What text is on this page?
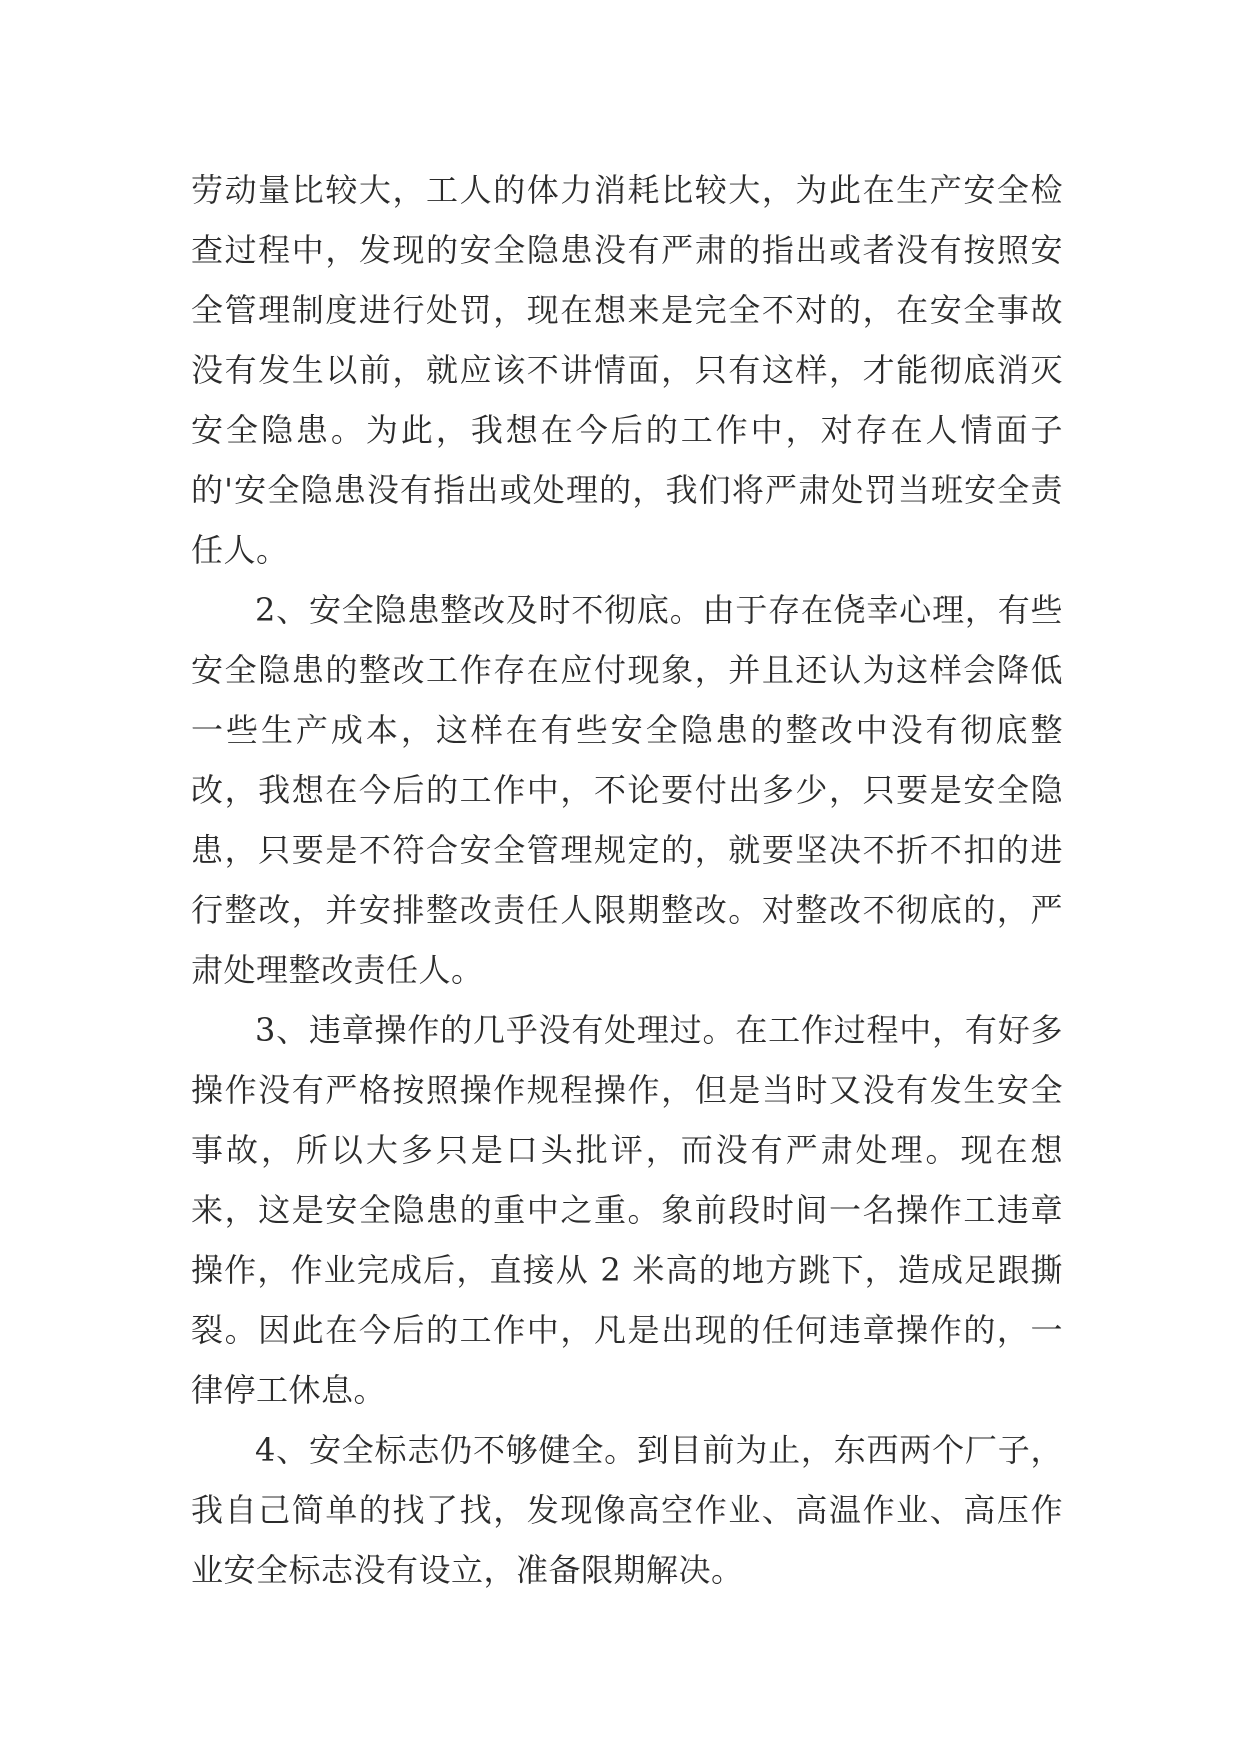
劳动量比较大，工人的体力消耗比较大，为此在生产安全检查过程中，发现的安全隐患没有严肃的指出或者没有按照安全管理制度进行处罚，现在想来是完全不对的，在安全事故没有发生以前，就应该不讲情面，只有这样，才能彻底消灭安全隐患。为此，我想在今后的工作中，对存在人情面子的'安全隐患没有指出或处理的，我们将严肃处罚当班安全责任人。

2、安全隐患整改及时不彻底。由于存在侥幸心理，有些安全隐患的整改工作存在应付现象，并且还认为这样会降低一些生产成本，这样在有些安全隐患的整改中没有彻底整改，我想在今后的工作中，不论要付出多少，只要是安全隐患，只要是不符合安全管理规定的，就要坚决不折不扣的进行整改，并安排整改责任人限期整改。对整改不彻底的，严肃处理整改责任人。

3、违章操作的几乎没有处理过。在工作过程中，有好多操作没有严格按照操作规程操作，但是当时又没有发生安全事故，所以大多只是口头批评，而没有严肃处理。现在想来，这是安全隐患的重中之重。象前段时间一名操作工违章操作，作业完成后，直接从 2 米高的地方跳下，造成足跟撕裂。因此在今后的工作中，凡是出现的任何违章操作的，一律停工休息。

4、安全标志仍不够健全。到目前为止，东西两个厂子，我自己简单的找了找，发现像高空作业、高温作业、高压作业安全标志没有设立，准备限期解决。
